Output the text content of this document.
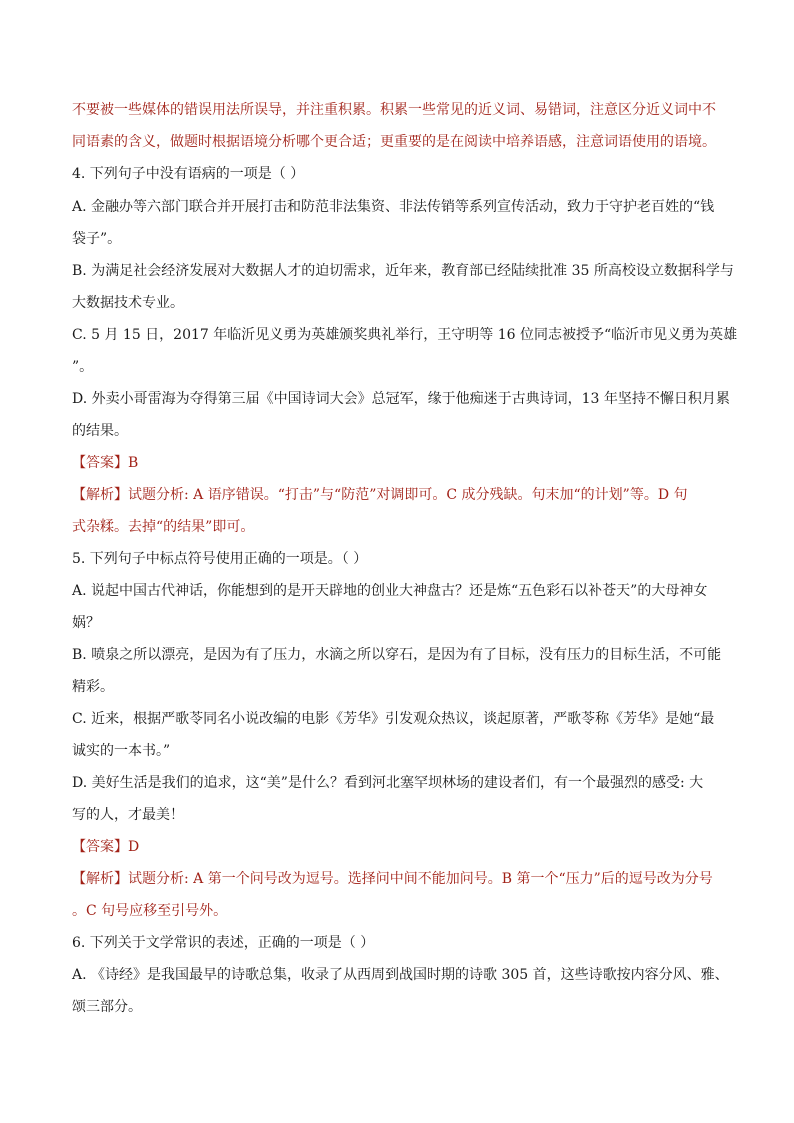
不要被一些媒体的错误用法所误导，并注重积累。积累一些常见的近义词、易错词，注意区分近义词中不
同语素的含义，做题时根据语境分析哪个更合适；更重要的是在阅读中培养语感，注意词语使用的语境。
4. 下列句子中没有语病的一项是（ ）
A. 金融办等六部门联合并开展打击和防范非法集资、非法传销等系列宣传活动，致力于守护老百姓的“钱
袋子”。
B. 为满足社会经济发展对大数据人才的迫切需求，近年来，教育部已经陆续批准 35 所高校设立数据科学与
大数据技术专业。
C. 5 月 15 日，2017 年临沂见义勇为英雄颁奖典礼举行，王守明等 16 位同志被授予“临沂市见义勇为英雄
”。
D. 外卖小哥雷海为夺得第三届《中国诗词大会》总冠军，缘于他痴迷于古典诗词，13 年坚持不懈日积月累
的结果。
【答案】B
【解析】试题分析: A 语序错误。“打击”与“防范”对调即可。C 成分残缺。句末加“的计划”等。D 句
式杂糅。去掉“的结果”即可。
5. 下列句子中标点符号使用正确的一项是。（ ）
A. 说起中国古代神话，你能想到的是开天辟地的创业大神盘古？还是炼“五色彩石以补苍天”的大母神女
娲？
B. 喷泉之所以漂亮，是因为有了压力，水滴之所以穿石，是因为有了目标，没有压力的目标生活，不可能
精彩。
C. 近来，根据严歌苓同名小说改编的电影《芳华》引发观众热议，谈起原著，严歌苓称《芳华》是她“最
诚实的一本书。”
D. 美好生活是我们的追求，这“美”是什么？看到河北塞罕坝林场的建设者们，有一个最强烈的感受: 大
写的人，才最美！
【答案】D
【解析】试题分析: A 第一个问号改为逗号。选择问中间不能加问号。B 第一个“压力”后的逗号改为分号
。C 句号应移至引号外。
6. 下列关于文学常识的表述，正确的一项是（ ）
A. 《诗经》是我国最早的诗歌总集，收录了从西周到战国时期的诗歌 305 首，这些诗歌按内容分风、雅、
颂三部分。
